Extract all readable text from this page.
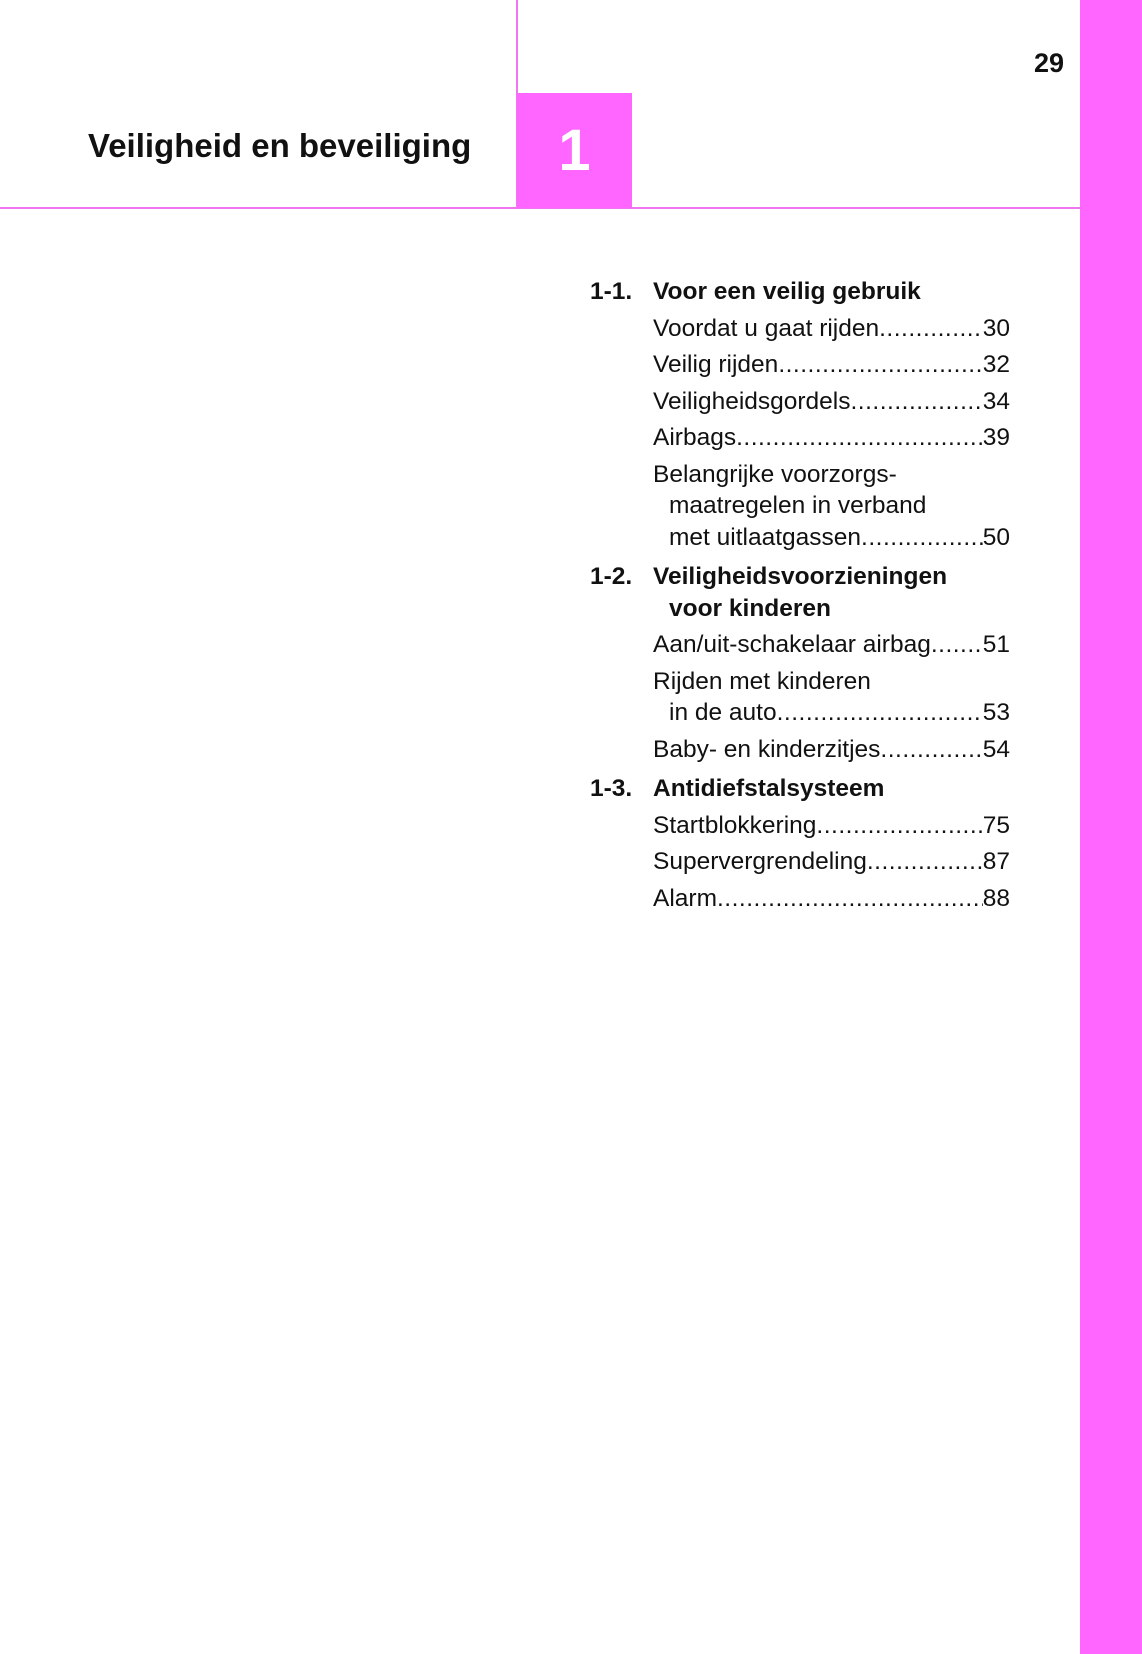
Veiligheid en beveiliging 1
29
1-1. Voor een veilig gebruik
Voordat u gaat rijden .....	30
Veilig rijden .....	32
Veiligheidsgordels .....	34
Airbags .....	39
Belangrijke voorzorgs-
maatregelen in verband
met uitlaatgassen .....	50
1-2. Veiligheidsvoorzieningen
voor kinderen
Aan/uit-schakelaar airbag ..... 51
Rijden met kinderen
in de auto .....	53
Baby- en kinderzitjes .....	54
1-3. Antidiefstalsysteem
Startblokkering .....	75
Supervergrendeling .....	87
Alarm .....	88
